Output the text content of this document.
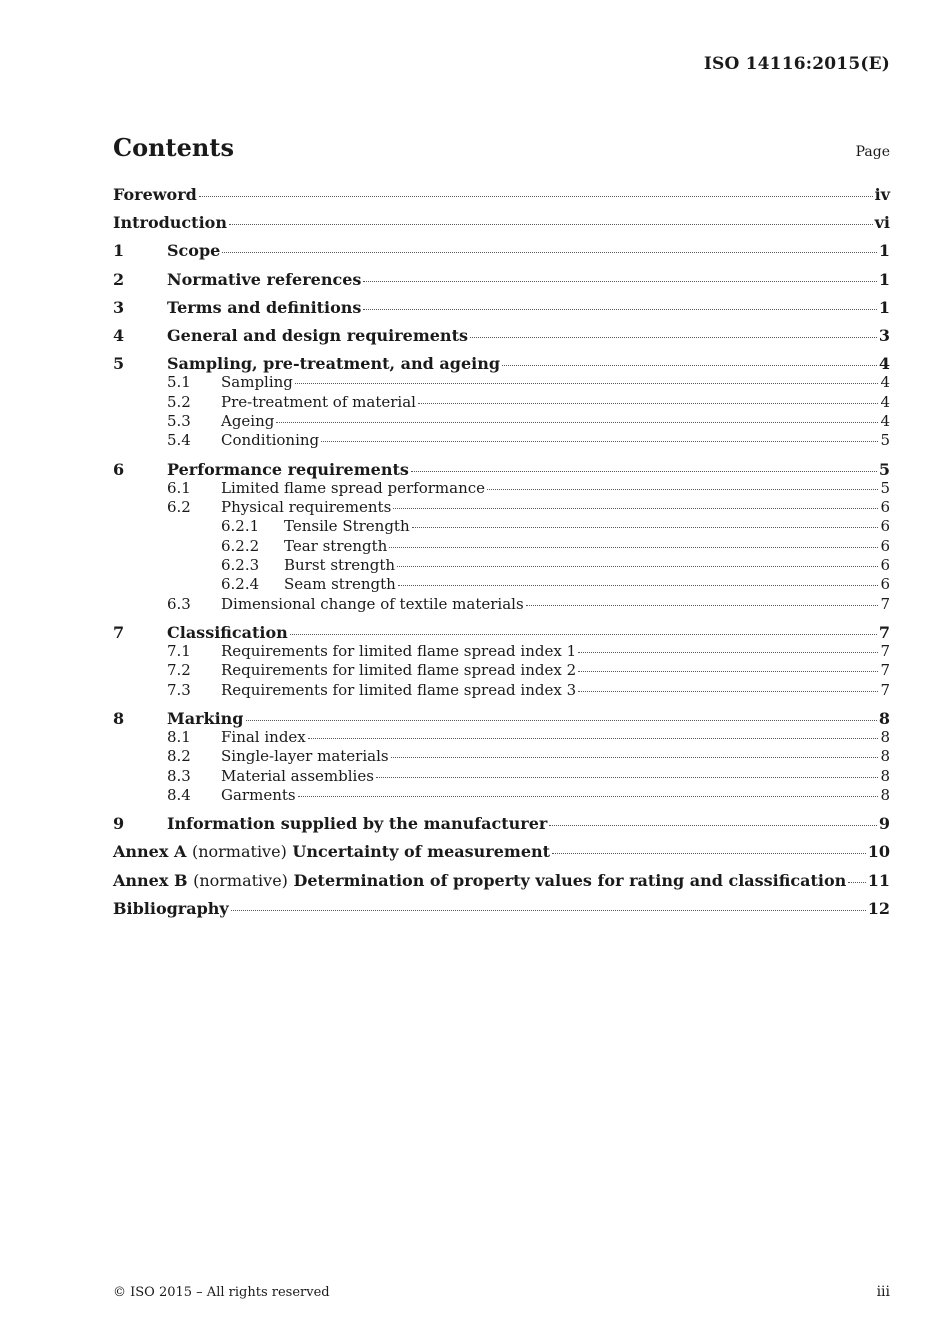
ISO 14116:2015(E)
Contents	Page
Foreword	iv
Introduction	vi
1	Scope	1
2	Normative references	1
3	Terms and definitions	1
4	General and design requirements	3
5	Sampling, pre-treatment, and ageing	4
5.1	Sampling	4
5.2	Pre-treatment of material	4
5.3	Ageing	4
5.4	Conditioning	5
6	Performance requirements	5
6.1	Limited flame spread performance	5
6.2	Physical requirements	6
6.2.1	Tensile Strength	6
6.2.2	Tear strength	6
6.2.3	Burst strength	6
6.2.4	Seam strength	6
6.3	Dimensional change of textile materials	7
7	Classification	7
7.1	Requirements for limited flame spread index 1	7
7.2	Requirements for limited flame spread index 2	7
7.3	Requirements for limited flame spread index 3	7
8	Marking	8
8.1	Final index	8
8.2	Single-layer materials	8
8.3	Material assemblies	8
8.4	Garments	8
9	Information supplied by the manufacturer	9
Annex A (normative) Uncertainty of measurement	10
Annex B (normative) Determination of property values for rating and classification 11
Bibliography	12
© ISO 2015 – All rights reserved	iii
